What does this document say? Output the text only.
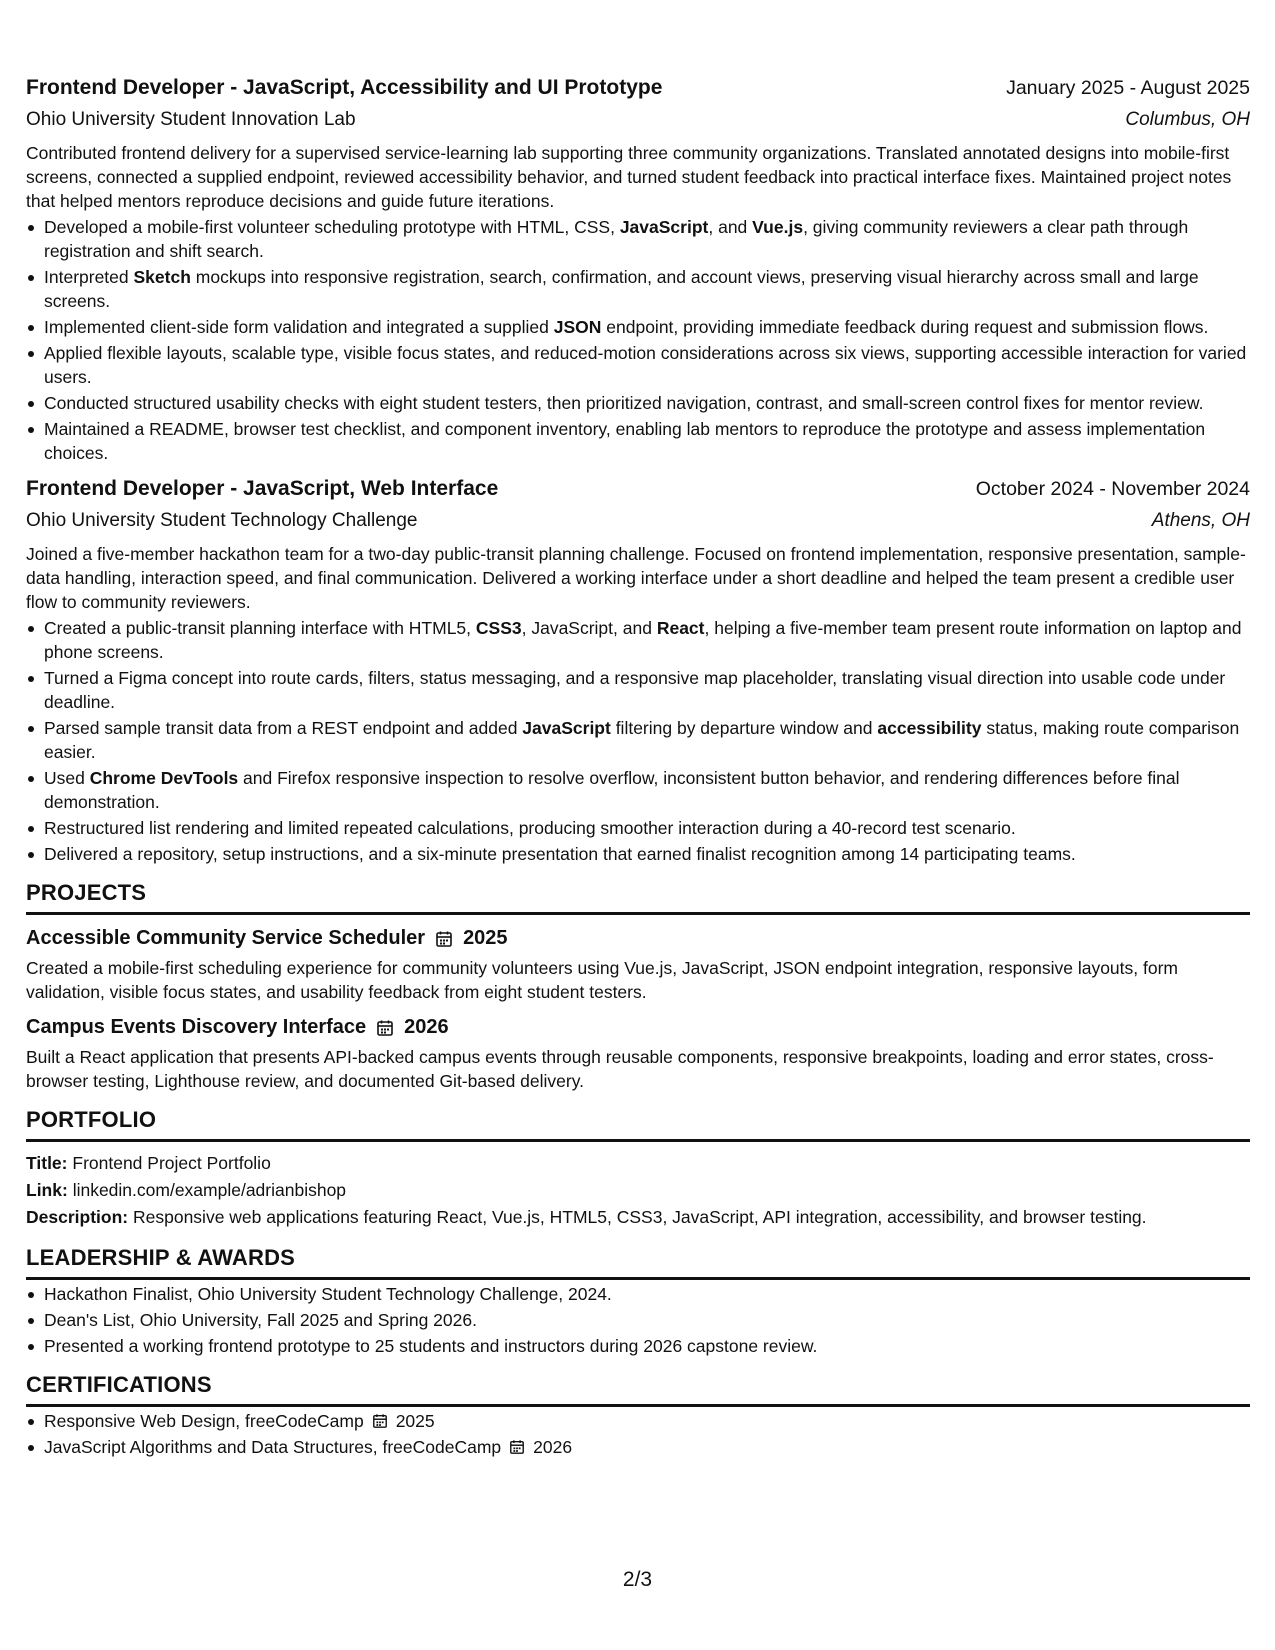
Frontend Developer - JavaScript, Accessibility and UI Prototype	January 2025 - August 2025
Ohio University Student Innovation Lab	Columbus, OH
Contributed frontend delivery for a supervised service-learning lab supporting three community organizations. Translated annotated designs into mobile-first screens, connected a supplied endpoint, reviewed accessibility behavior, and turned student feedback into practical interface fixes. Maintained project notes that helped mentors reproduce decisions and guide future iterations.
Developed a mobile-first volunteer scheduling prototype with HTML, CSS, JavaScript, and Vue.js, giving community reviewers a clear path through registration and shift search.
Interpreted Sketch mockups into responsive registration, search, confirmation, and account views, preserving visual hierarchy across small and large screens.
Implemented client-side form validation and integrated a supplied JSON endpoint, providing immediate feedback during request and submission flows.
Applied flexible layouts, scalable type, visible focus states, and reduced-motion considerations across six views, supporting accessible interaction for varied users.
Conducted structured usability checks with eight student testers, then prioritized navigation, contrast, and small-screen control fixes for mentor review.
Maintained a README, browser test checklist, and component inventory, enabling lab mentors to reproduce the prototype and assess implementation choices.
Frontend Developer - JavaScript, Web Interface	October 2024 - November 2024
Ohio University Student Technology Challenge	Athens, OH
Joined a five-member hackathon team for a two-day public-transit planning challenge. Focused on frontend implementation, responsive presentation, sample-data handling, interaction speed, and final communication. Delivered a working interface under a short deadline and helped the team present a credible user flow to community reviewers.
Created a public-transit planning interface with HTML5, CSS3, JavaScript, and React, helping a five-member team present route information on laptop and phone screens.
Turned a Figma concept into route cards, filters, status messaging, and a responsive map placeholder, translating visual direction into usable code under deadline.
Parsed sample transit data from a REST endpoint and added JavaScript filtering by departure window and accessibility status, making route comparison easier.
Used Chrome DevTools and Firefox responsive inspection to resolve overflow, inconsistent button behavior, and rendering differences before final demonstration.
Restructured list rendering and limited repeated calculations, producing smoother interaction during a 40-record test scenario.
Delivered a repository, setup instructions, and a six-minute presentation that earned finalist recognition among 14 participating teams.
PROJECTS
Accessible Community Service Scheduler 2025
Created a mobile-first scheduling experience for community volunteers using Vue.js, JavaScript, JSON endpoint integration, responsive layouts, form validation, visible focus states, and usability feedback from eight student testers.
Campus Events Discovery Interface 2026
Built a React application that presents API-backed campus events through reusable components, responsive breakpoints, loading and error states, cross-browser testing, Lighthouse review, and documented Git-based delivery.
PORTFOLIO
Title: Frontend Project Portfolio
Link: linkedin.com/example/adrianbishop
Description: Responsive web applications featuring React, Vue.js, HTML5, CSS3, JavaScript, API integration, accessibility, and browser testing.
LEADERSHIP & AWARDS
Hackathon Finalist, Ohio University Student Technology Challenge, 2024.
Dean's List, Ohio University, Fall 2025 and Spring 2026.
Presented a working frontend prototype to 25 students and instructors during 2026 capstone review.
CERTIFICATIONS
Responsive Web Design, freeCodeCamp 2025
JavaScript Algorithms and Data Structures, freeCodeCamp 2026
2/3
